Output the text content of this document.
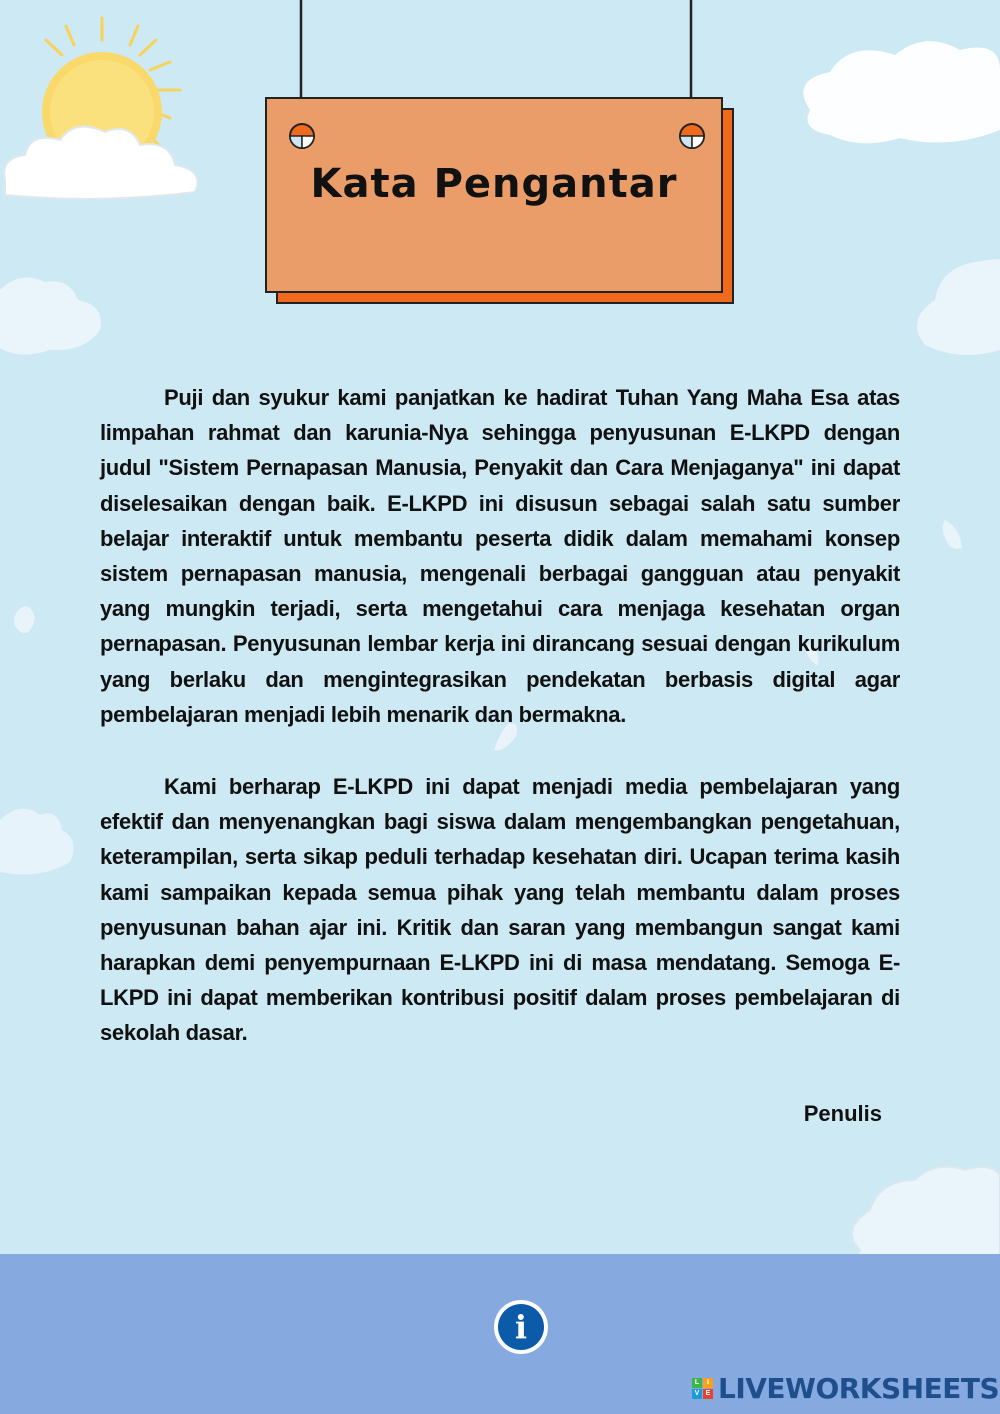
Kata Pengantar

Puji dan syukur kami panjatkan ke hadirat Tuhan Yang Maha Esa atas limpahan rahmat dan karunia-Nya sehingga penyusunan E-LKPD dengan judul "Sistem Pernapasan Manusia, Penyakit dan Cara Menjaganya" ini dapat diselesaikan dengan baik. E-LKPD ini disusun sebagai salah satu sumber belajar interaktif untuk membantu peserta didik dalam memahami konsep sistem pernapasan manusia, mengenali berbagai gangguan atau penyakit yang mungkin terjadi, serta mengetahui cara menjaga kesehatan organ pernapasan. Penyusunan lembar kerja ini dirancang sesuai dengan kurikulum yang berlaku dan mengintegrasikan pendekatan berbasis digital agar pembelajaran menjadi lebih menarik dan bermakna.

Kami berharap E-LKPD ini dapat menjadi media pembelajaran yang efektif dan menyenangkan bagi siswa dalam mengembangkan pengetahuan, keterampilan, serta sikap peduli terhadap kesehatan diri. Ucapan terima kasih kami sampaikan kepada semua pihak yang telah membantu dalam proses penyusunan bahan ajar ini. Kritik dan saran yang membangun sangat kami harapkan demi penyempurnaan E-LKPD ini di masa mendatang. Semoga E-LKPD ini dapat memberikan kontribusi positif dalam proses pembelajaran di sekolah dasar.

Penulis
i
L	I
V E LIVEWORKSHEETS
